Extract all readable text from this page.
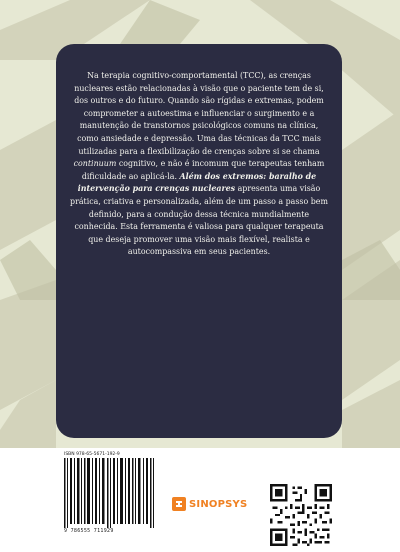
Na terapia cognitivo-comportamental (TCC), as crenças nucleares estão relacionadas à visão que o paciente tem de si, dos outros e do futuro. Quando são rígidas e extremas, podem comprometer a autoestima e influenciar o surgimento e a manutenção de transtornos psicológicos comuns na clínica, como ansiedade e depressão. Uma das técnicas da TCC mais utilizadas para a flexibilização de crenças sobre si se chama continuum cognitivo, e não é incomum que terapeutas tenham dificuldade ao aplicá-la. Além dos extremos: baralho de intervenção para crenças nucleares apresenta uma visão prática, criativa e personalizada, além de um passo a passo bem definido, para a condução dessa técnica mundialmente conhecida. Esta ferramenta é valiosa para qualquer terapeuta que deseja promover uma visão mais flexível, realista e autocompassiva em seus pacientes.

ISBN 978-65-5671-192-9
9 786555 711929
SINOPSYS
